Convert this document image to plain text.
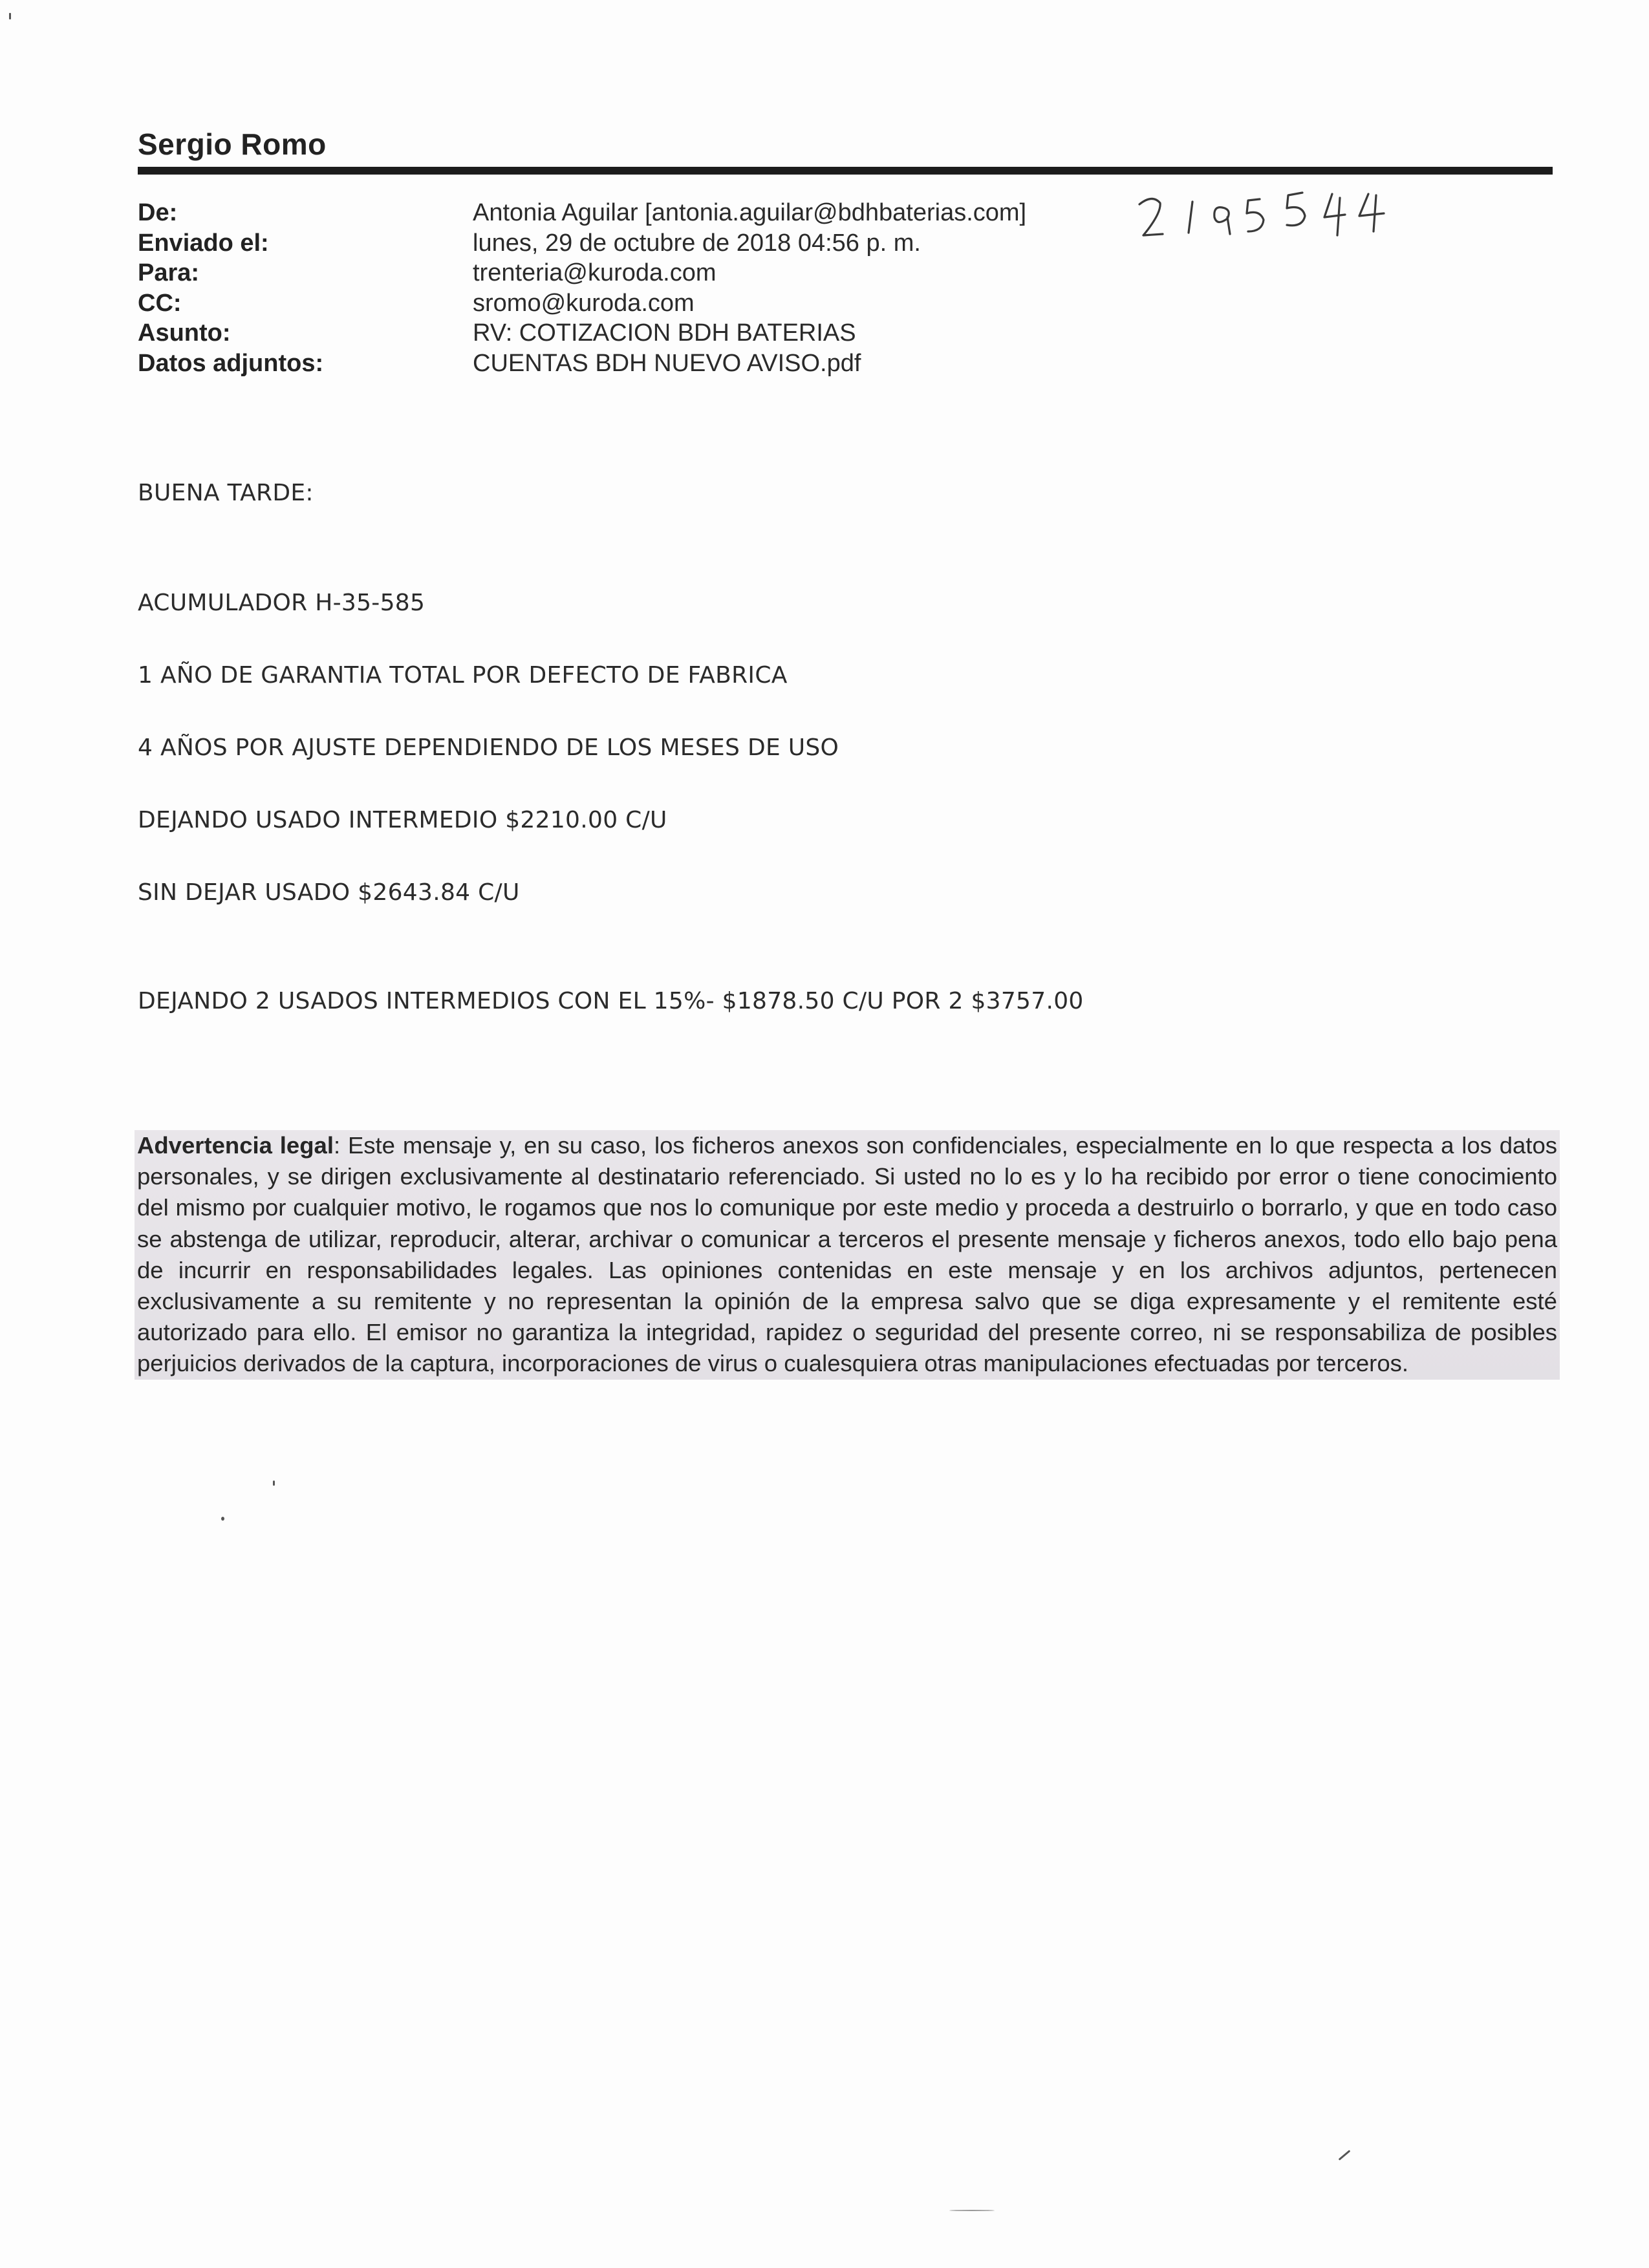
Sergio Romo
De:	Antonia Aguilar [antonia.aguilar@bdhbaterias.com]
Enviado el:	lunes, 29 de octubre de 2018 04:56 p. m.
Para:	trenteria@kuroda.com
CC:	sromo@kuroda.com
Asunto:	RV: COTIZACION BDH BATERIAS
Datos adjuntos:	CUENTAS BDH NUEVO AVISO.pdf
BUENA TARDE:
ACUMULADOR H-35-585
1 AÑO DE GARANTIA TOTAL POR DEFECTO DE FABRICA
4 AÑOS POR AJUSTE DEPENDIENDO DE LOS MESES DE USO
DEJANDO USADO INTERMEDIO $2210.00 C/U
SIN DEJAR USADO $2643.84 C/U
DEJANDO 2 USADOS INTERMEDIOS CON EL 15%- $1878.50 C/U POR 2 $3757.00
Advertencia legal: Este mensaje y, en su caso, los ficheros anexos son confidenciales, especialmente en lo que respecta a los datos personales, y se dirigen exclusivamente al destinatario referenciado. Si usted no lo es y lo ha recibido por error o tiene conocimiento del mismo por cualquier motivo, le rogamos que nos lo comunique por este medio y proceda a destruirlo o borrarlo, y que en todo caso se abstenga de utilizar, reproducir, alterar, archivar o comunicar a terceros el presente mensaje y ficheros anexos, todo ello bajo pena de incurrir en responsabilidades legales. Las opiniones contenidas en este mensaje y en los archivos adjuntos, pertenecen exclusivamente a su remitente y no representan la opinión de la empresa salvo que se diga expresamente y el remitente esté autorizado para ello. El emisor no garantiza la integridad, rapidez o seguridad del presente correo, ni se responsabiliza de posibles perjuicios derivados de la captura, incorporaciones de virus o cualesquiera otras manipulaciones efectuadas por terceros.
